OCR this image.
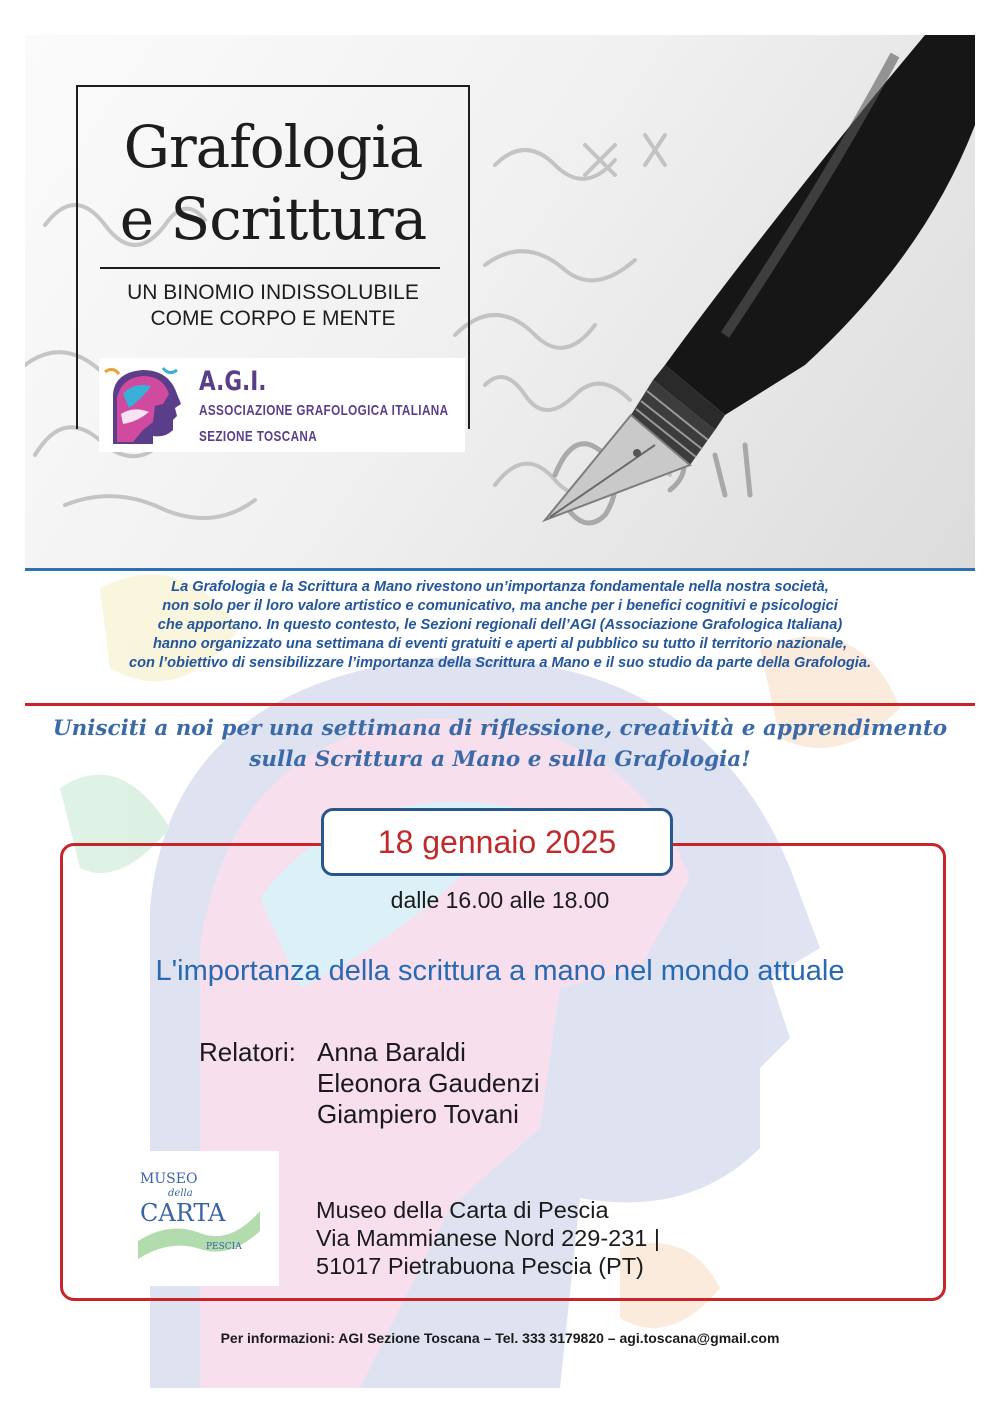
Grafologia
e Scrittura
UN BINOMIO INDISSOLUBILE
COME CORPO E MENTE
A.G.I.
ASSOCIAZIONE GRAFOLOGICA ITALIANA
SEZIONE TOSCANA
La Grafologia e la Scrittura a Mano rivestono un’importanza fondamentale nella nostra società,
non solo per il loro valore artistico e comunicativo, ma anche per i benefici cognitivi e psicologici
che apportano. In questo contesto, le Sezioni regionali dell’AGI (Associazione Grafologica Italiana)
hanno organizzato una settimana di eventi gratuiti e aperti al pubblico su tutto il territorio nazionale,
con l’obiettivo di sensibilizzare l’importanza della Scrittura a Mano e il suo studio da parte della Grafologia.
Unisciti a noi per una settimana di riflessione, creatività e apprendimento
sulla Scrittura a Mano e sulla Grafologia!
18 gennaio 2025
dalle 16.00 alle 18.00
L'importanza della scrittura a mano nel mondo attuale
Relatori: Anna Baraldi
Eleonora Gaudenzi
Giampiero Tovani
MUSEO
della
CARTA
PESCIA
Museo della Carta di Pescia
Via Mammianese Nord 229-231 |
51017 Pietrabuona Pescia (PT)
Per informazioni: AGI Sezione Toscana – Tel. 333 3179820 – agi.toscana@gmail.com
